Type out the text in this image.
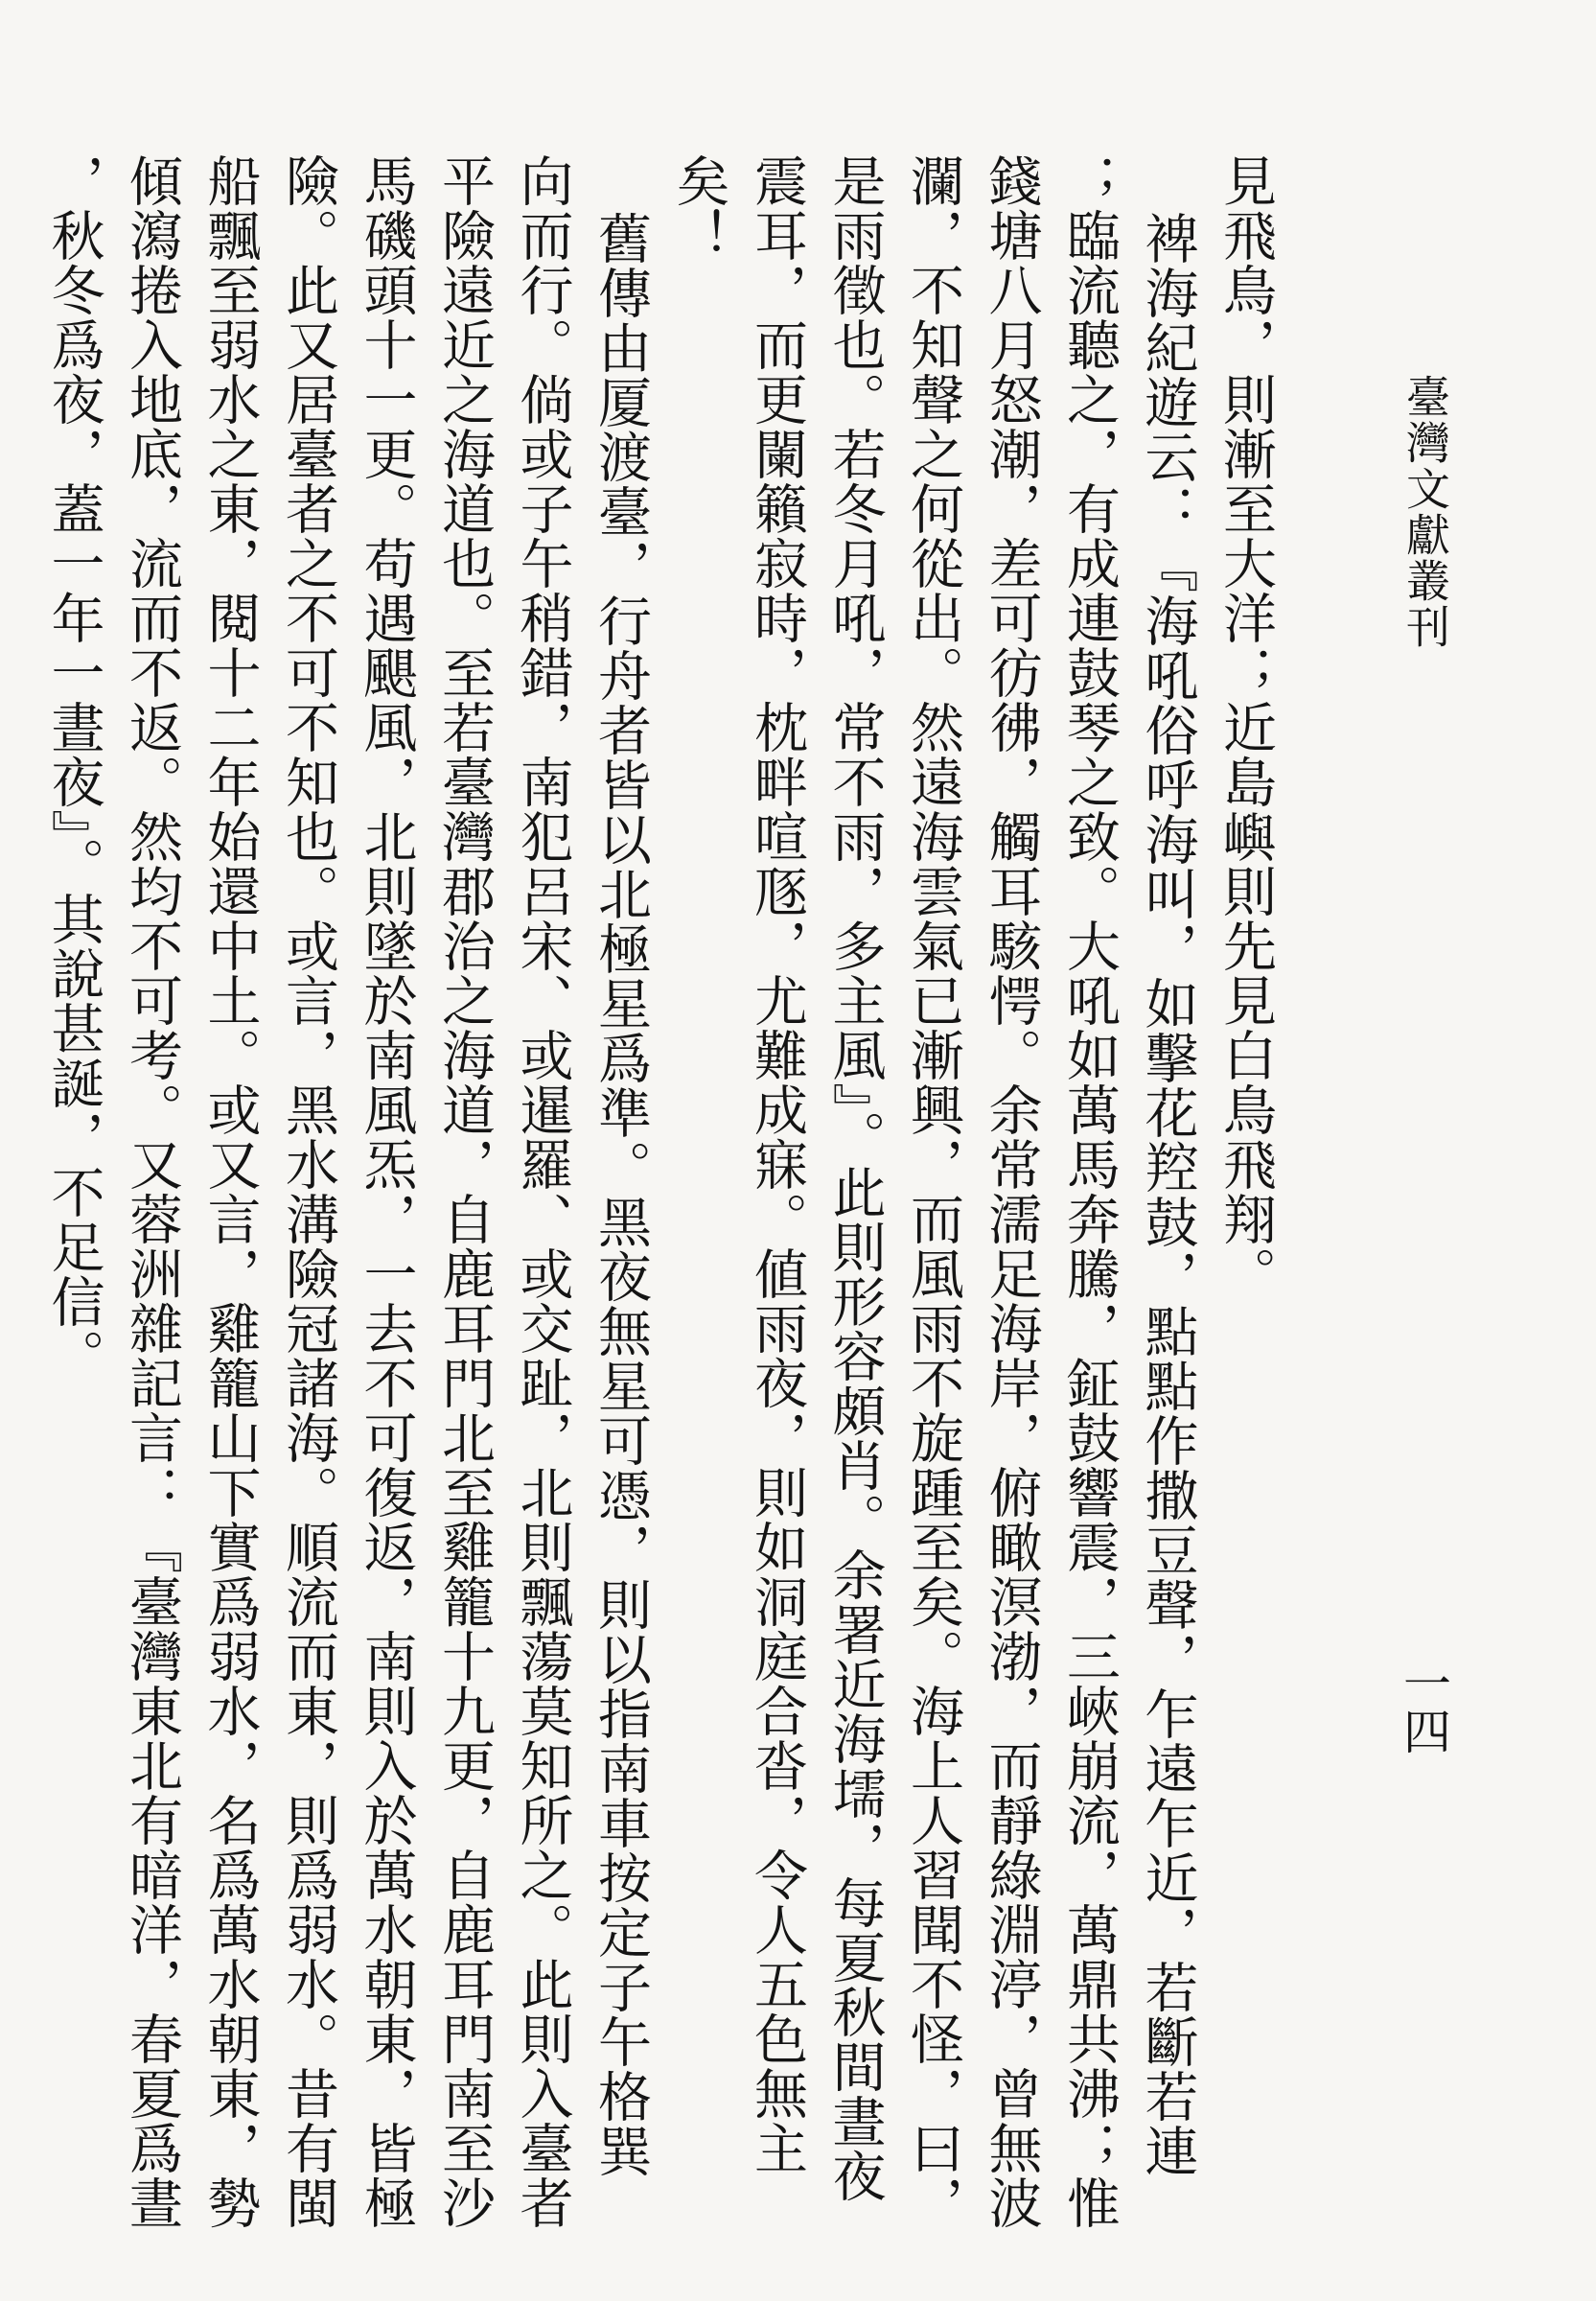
臺灣文獻叢刊
一四
見飛鳥，則漸至大洋；近島嶼則先見白鳥飛翔。
裨海紀遊云：『海吼俗呼海叫，如擊花羫鼓，點點作撒豆聲，乍遠乍近，若斷若連
；臨流聽之，有成連鼓琴之致。大吼如萬馬奔騰，鉦鼓響震，三峽崩流，萬鼎共沸；惟
錢塘八月怒潮，差可彷彿，觸耳駭愕。余常濡足海岸，俯瞰溟渤，而靜綠淵渟，曾無波
瀾，不知聲之何從出。然遠海雲氣已漸興，而風雨不旋踵至矣。海上人習聞不怪，曰，
是雨徵也。若冬月吼，常不雨，多主風』。此則形容頗肖。余署近海壖，每夏秋間晝夜
震耳，而更闌籟寂時，枕畔喧豗，尤難成寐。値雨夜，則如洞庭合沓，令人五色無主
矣！
舊傳由厦渡臺，行舟者皆以北極星爲準。黑夜無星可憑，則以指南車按定子午格巽
向而行。倘或子午稍錯，南犯呂宋、或暹羅、或交趾，北則飄蕩莫知所之。此則入臺者
平險遠近之海道也。至若臺灣郡治之海道，自鹿耳門北至雞籠十九更，自鹿耳門南至沙
馬磯頭十一更。苟遇颶風，北則墜於南風炁，一去不可復返，南則入於萬水朝東，皆極
險。此又居臺者之不可不知也。或言，黑水溝險冠諸海。順流而東，則爲弱水。昔有閩
船飄至弱水之東，閱十二年始還中土。或又言，雞籠山下實爲弱水，名爲萬水朝東，勢
傾瀉捲入地底，流而不返。然均不可考。又蓉洲雜記言：『臺灣東北有暗洋，春夏爲晝
，秋冬爲夜，蓋一年一晝夜』。其說甚誕，不足信。
